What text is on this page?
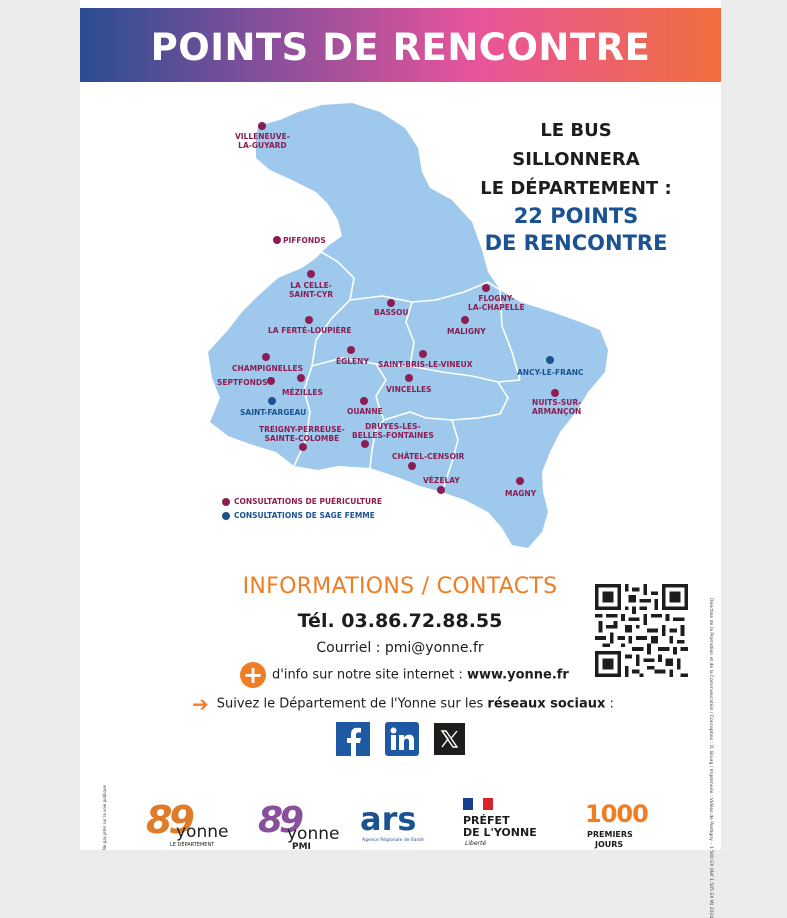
POINTS DE RENCONTRE
LE BUS SILLONNERA
LE DÉPARTEMENT :
22 POINTS
DE RENCONTRE
VILLENEUVE-
LA-GUYARD
PIFFONDS
LA CELLE-
SAINT-CYR	FLOGNY-
LA-CHAPELLE
BASSOU
LA FERTÉ-LOUPIÈRE	MALIGNY
ÉGLENY SAINT-BRIS-LE-VINEUX
CHAMPIGNELLES	ANCY-LE-FRANC
SEPTFONDS
MÉZILLES	VINCELLES
SAINT-FARGEAU
NUITS-SUR-
ARMANÇON
OUANNE
TREIGNY-PERREUSE-
SAINTE-COLOMBE
DRUYES-LES-
BELLES-FONTAINES
CHÂTEL-CENSOIR
VÉZELAY
MAGNY
CONSULTATIONS DE PUÉRICULTURE
CONSULTATIONS DE SAGE FEMME
INFORMATIONS / CONTACTS
Tél. 03.86.72.88.55
Courriel : pmi@yonne.fr
+ d'info sur notre site internet : www.yonne.fr
➔ Suivez le Département de l'Yonne sur les réseaux sociaux :	Direction de la Promotion et de la Communication / Conception : D. Bourg / Imprimerie : Vidéos de Pontigny – 1 500 EX (Réf 1.505 EX M) 2024
Ne pas jeter sur la voie publique 89
yonne
LE DÉPARTEMENT
89
yonne
PMI
ars
Agence Régionale de Santé
PRÉFET
DE L'YONNE
Liberté
1000
PREMIERS
JOURS
